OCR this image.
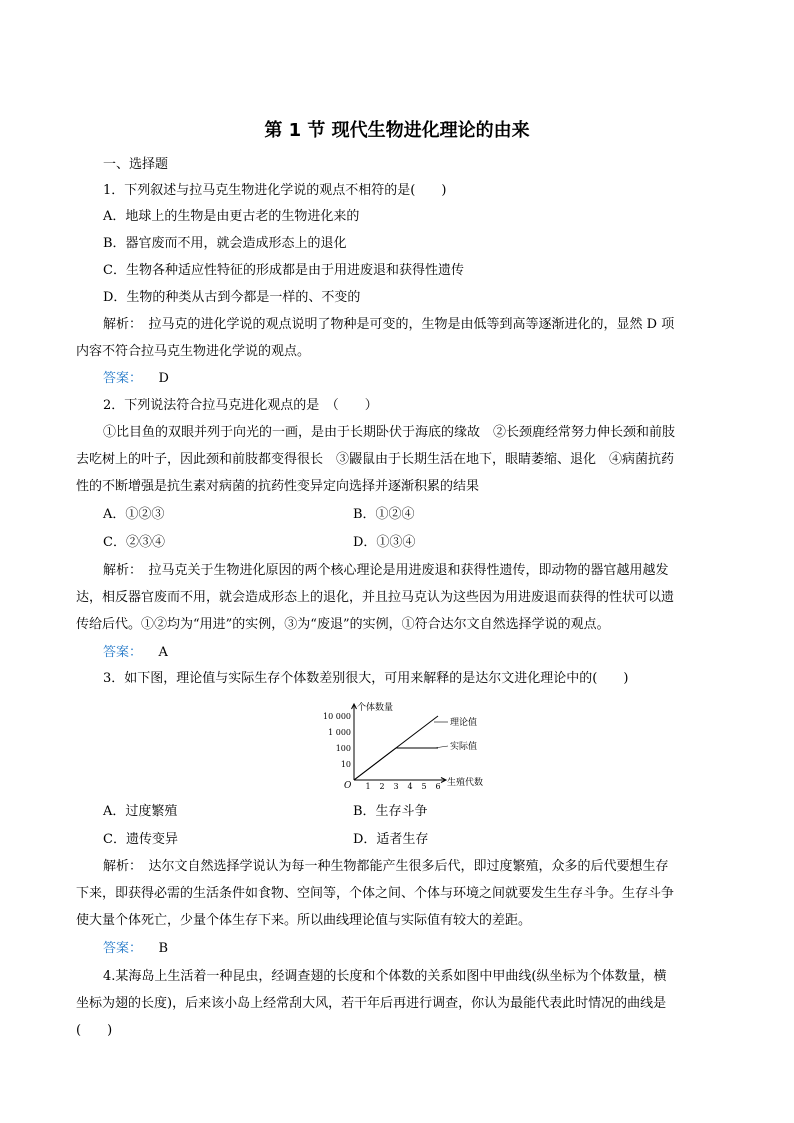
第 1 节 现代生物进化理论的由来
一、选择题
1．下列叙述与拉马克生物进化学说的观点不相符的是(　　)
A．地球上的生物是由更古老的生物进化来的
B．器官废而不用，就会造成形态上的退化
C．生物各种适应性特征的形成都是由于用进废退和获得性遗传
D．生物的种类从古到今都是一样的、不变的
解析：　拉马克的进化学说的观点说明了物种是可变的，生物是由低等到高等逐渐进化的，显然 D 项
内容不符合拉马克生物进化学说的观点。
答案： D
2．下列说法符合拉马克进化观点的是　（　　）
①比目鱼的双眼并列于向光的一画，是由于长期卧伏于海底的缘故　②长颈鹿经常努力伸长颈和前肢
去吃树上的叶子，因此颈和前肢都变得很长　③鼹鼠由于长期生活在地下，眼睛萎缩、退化　④病菌抗药
性的不断增强是抗生素对病菌的抗药性变异定向选择并逐渐积累的结果
A．①②③	B．①②④
C．②③④	D．①③④
解析：　拉马克关于生物进化原因的两个核心理论是用进废退和获得性遗传，即动物的器官越用越发
达，相反器官废而不用，就会造成形态上的退化，并且拉马克认为这些因为用进废退而获得的性状可以遗
传给后代。①②均为“用进”的实例，③为“废退”的实例，①符合达尔文自然选择学说的观点。
答案： A
3．如下图，理论值与实际生存个体数差别很大，可用来解释的是达尔文进化理论中的(　　)
个体数量
生殖代数
O
10 000
1 000
100
10
1 2 3 4 5 6
理论值
实际值
A．过度繁殖	B．生存斗争
C．遗传变异	D．适者生存
解析：　达尔文自然选择学说认为每一种生物都能产生很多后代，即过度繁殖，众多的后代要想生存
下来，即获得必需的生活条件如食物、空间等，个体之间、个体与环境之间就要发生生存斗争。生存斗争
使大量个体死亡，少量个体生存下来。所以曲线理论值与实际值有较大的差距。
答案： B
4.某海岛上生活着一种昆虫，经调查翅的长度和个体数的关系如图中甲曲线(纵坐标为个体数量，横
坐标为翅的长度)，后来该小岛上经常刮大风，若干年后再进行调查，你认为最能代表此时情况的曲线是
(　　)
